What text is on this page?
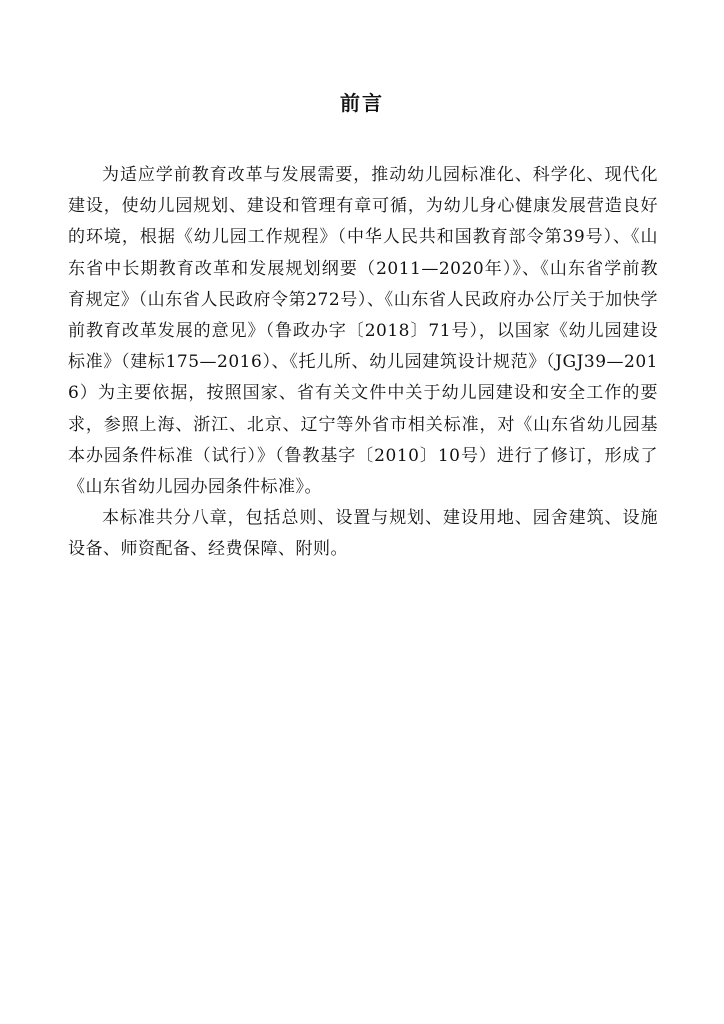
前言

为适应学前教育改革与发展需要，推动幼儿园标准化、科学化、现代化建设，使幼儿园规划、建设和管理有章可循，为幼儿身心健康发展营造良好的环境，根据《幼儿园工作规程》（中华人民共和国教育部令第39号）、《山东省中长期教育改革和发展规划纲要（2011—2020年）》、《山东省学前教育规定》（山东省人民政府令第272号）、《山东省人民政府办公厅关于加快学前教育改革发展的意见》（鲁政办字〔2018〕71号），以国家《幼儿园建设标准》（建标175—2016）、《托儿所、幼儿园建筑设计规范》（JGJ39—2016）为主要依据，按照国家、省有关文件中关于幼儿园建设和安全工作的要求，参照上海、浙江、北京、辽宁等外省市相关标准，对《山东省幼儿园基本办园条件标准（试行）》（鲁教基字〔2010〕10号）进行了修订，形成了《山东省幼儿园办园条件标准》。

本标准共分八章，包括总则、设置与规划、建设用地、园舍建筑、设施设备、师资配备、经费保障、附则。
